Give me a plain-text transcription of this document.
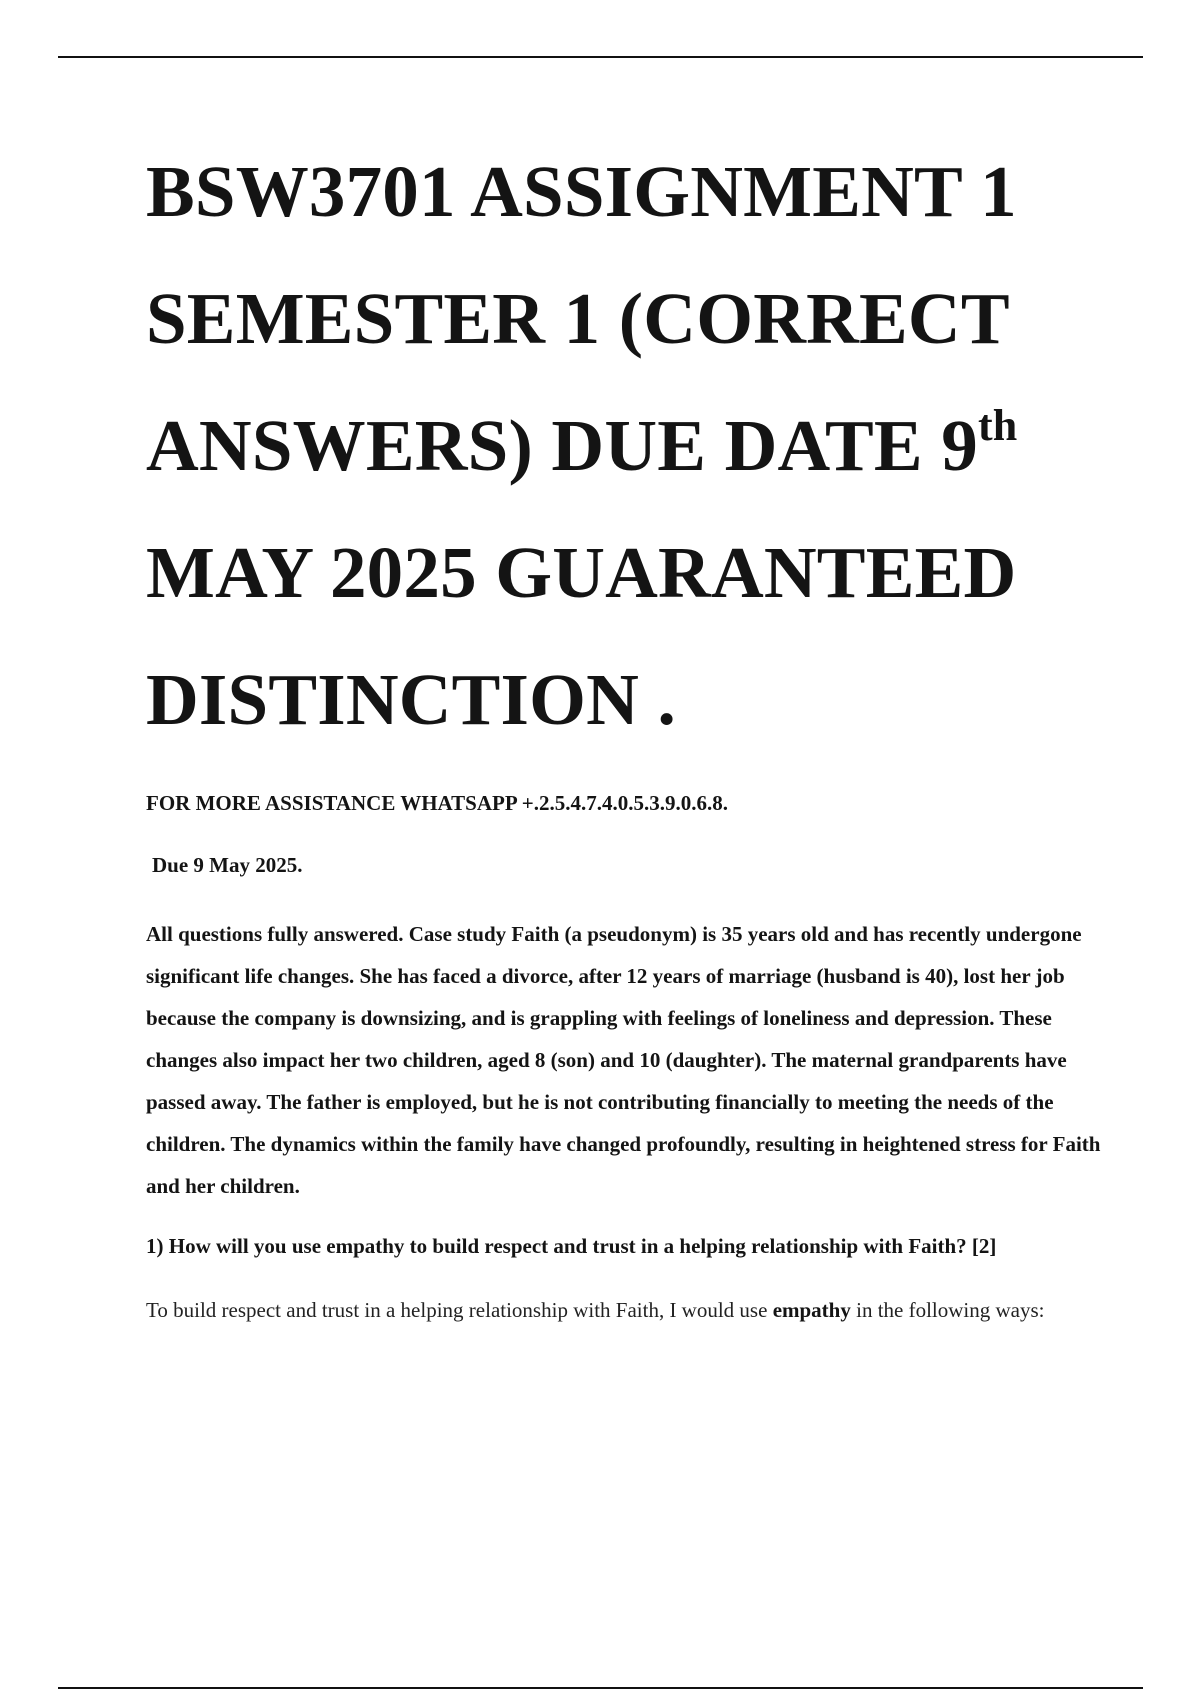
BSW3701 ASSIGNMENT 1 SEMESTER 1 (CORRECT ANSWERS) DUE DATE 9th MAY 2025 GUARANTEED DISTINCTION .

FOR MORE ASSISTANCE WHATSAPP +.2.5.4.7.4.0.5.3.9.0.6.8.

Due 9 May 2025.

All questions fully answered. Case study Faith (a pseudonym) is 35 years old and has recently undergone significant life changes. She has faced a divorce, after 12 years of marriage (husband is 40), lost her job because the company is downsizing, and is grappling with feelings of loneliness and depression. These changes also impact her two children, aged 8 (son) and 10 (daughter). The maternal grandparents have passed away. The father is employed, but he is not contributing financially to meeting the needs of the children. The dynamics within the family have changed profoundly, resulting in heightened stress for Faith and her children.

1) How will you use empathy to build respect and trust in a helping relationship with Faith? [2]

To build respect and trust in a helping relationship with Faith, I would use empathy in the following ways:
